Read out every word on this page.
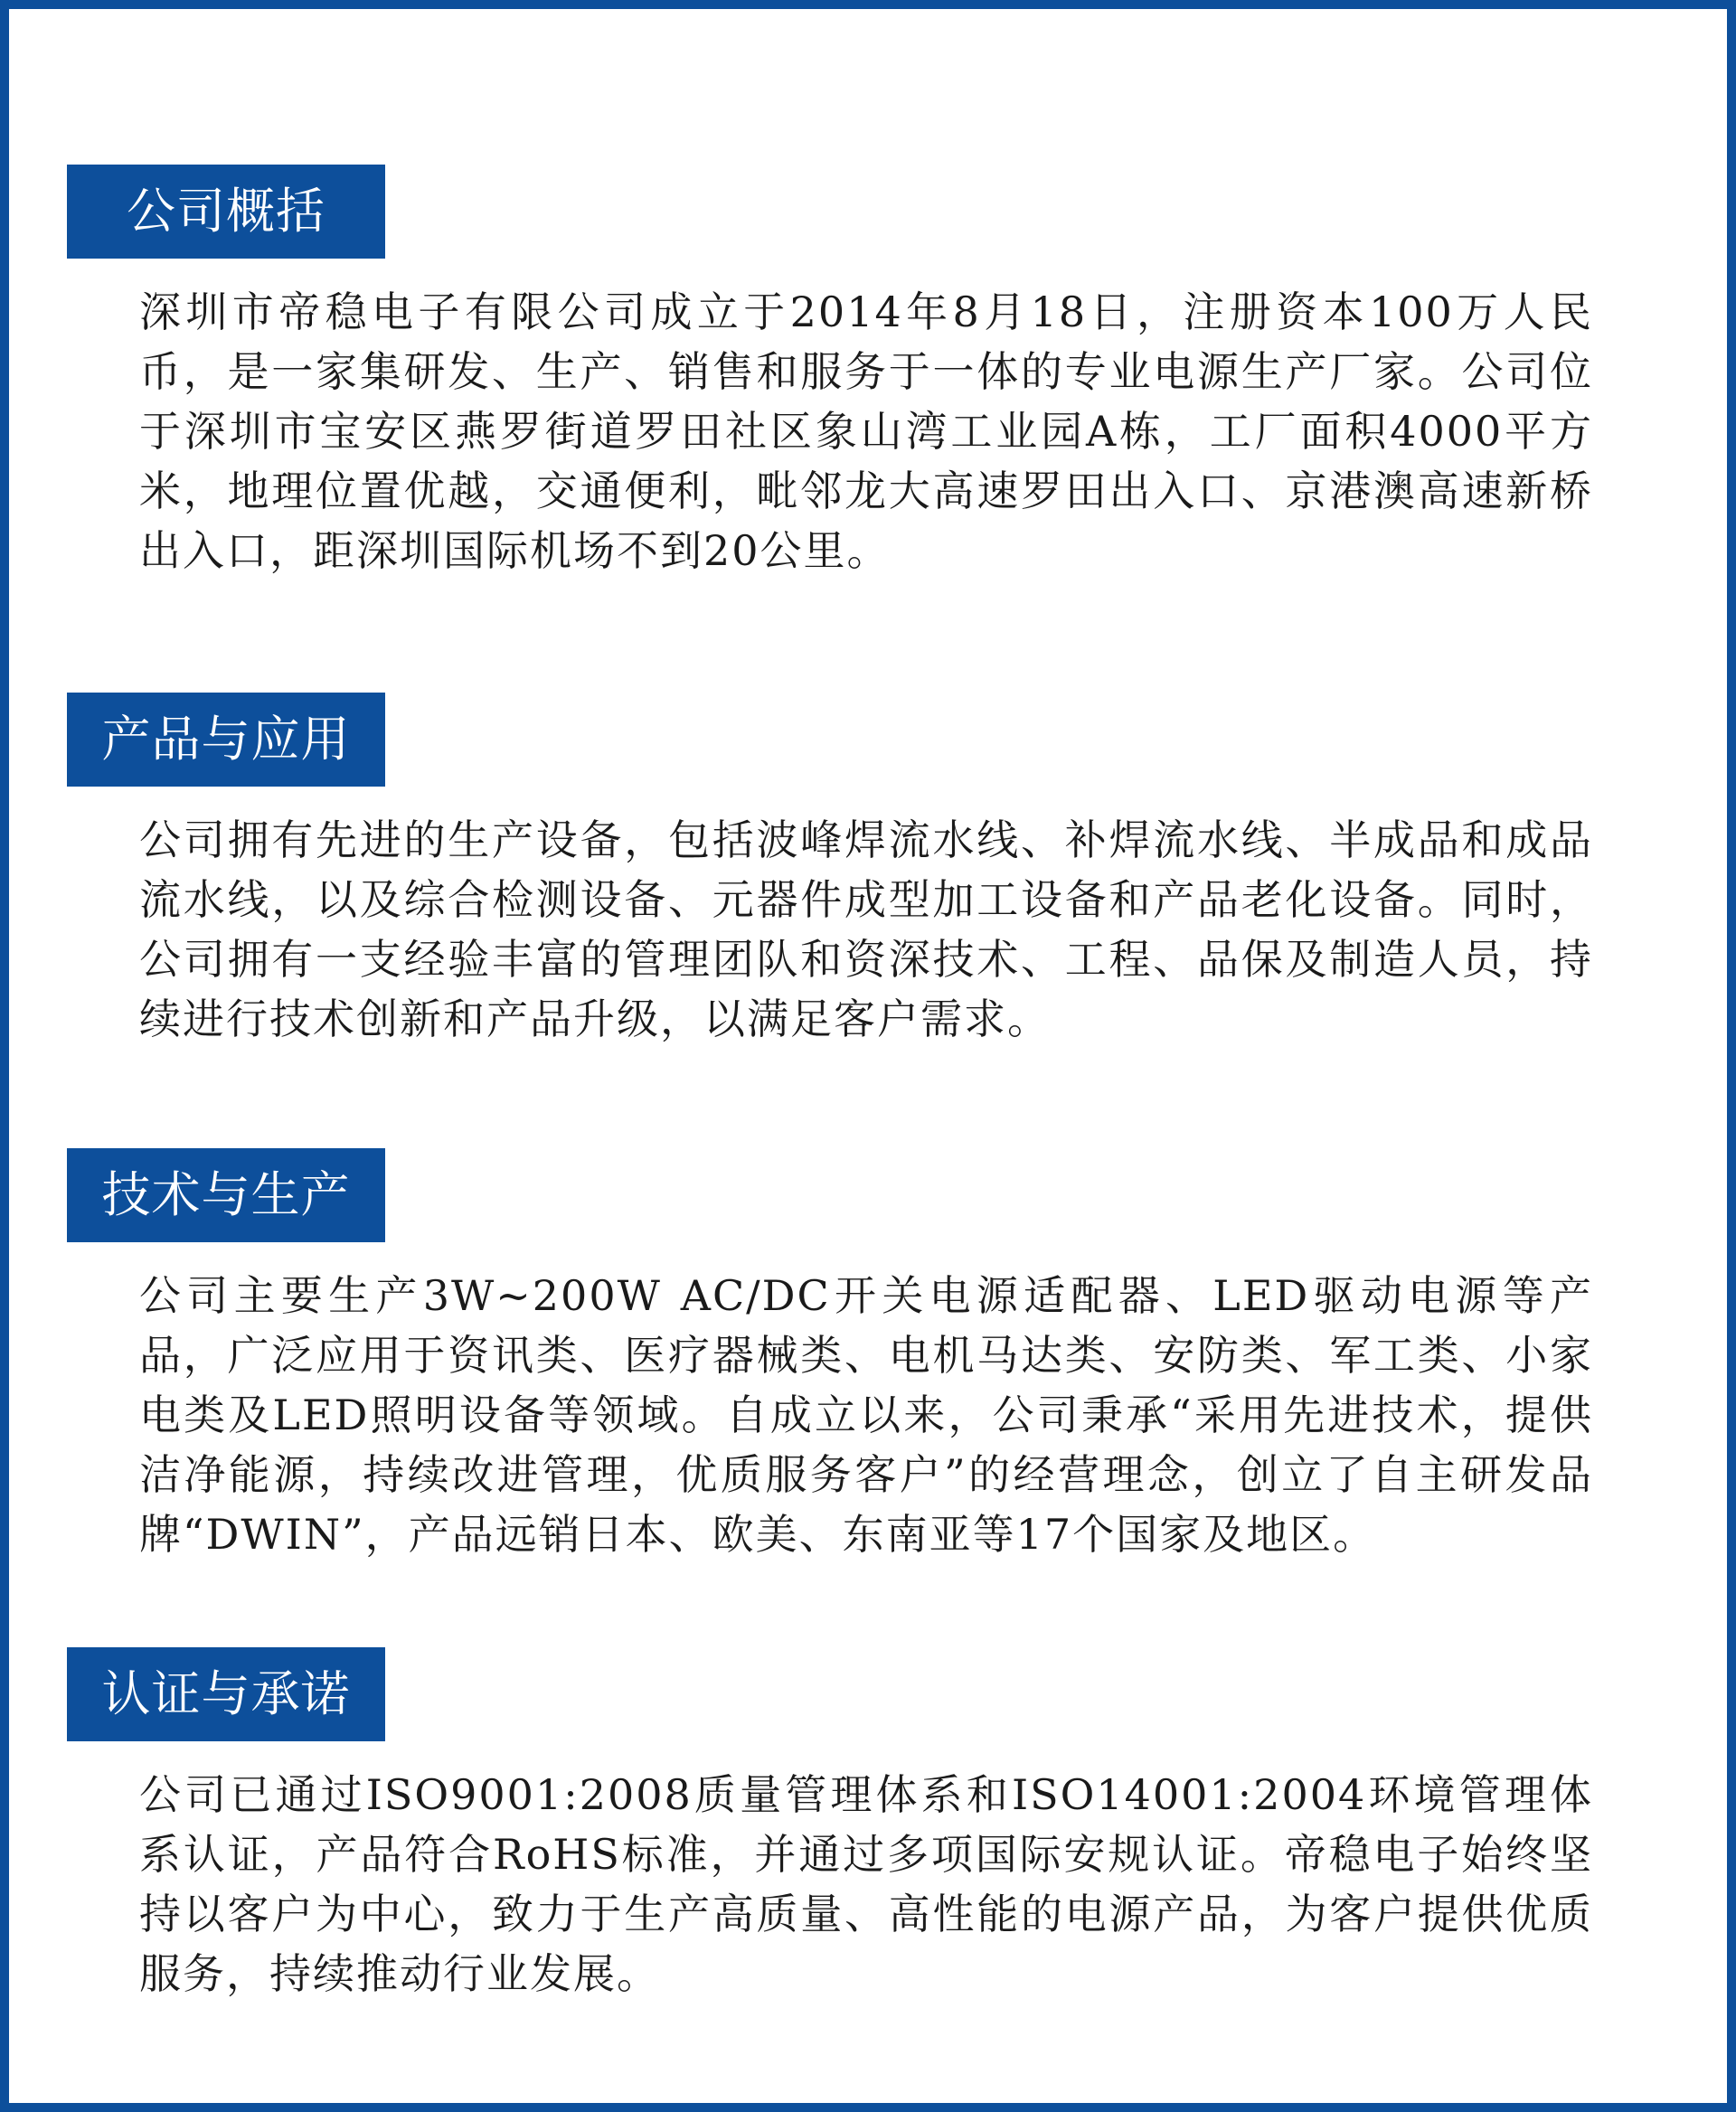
公司概括
深圳市帝稳电子有限公司成立于2014年8月18日，注册资本100万人民币，是一家集研发、生产、销售和服务于一体的专业电源生产厂家。公司位于深圳市宝安区燕罗街道罗田社区象山湾工业园A栋，工厂面积4000平方米，地理位置优越，交通便利，毗邻龙大高速罗田出入口、京港澳高速新桥出入口，距深圳国际机场不到20公里。
产品与应用
公司拥有先进的生产设备，包括波峰焊流水线、补焊流水线、半成品和成品流水线，以及综合检测设备、元器件成型加工设备和产品老化设备。同时，公司拥有一支经验丰富的管理团队和资深技术、工程、品保及制造人员，持续进行技术创新和产品升级，以满足客户需求。
技术与生产
公司主要生产3W~200W AC/DC开关电源适配器、LED驱动电源等产品，广泛应用于资讯类、医疗器械类、电机马达类、安防类、军工类、小家电类及LED照明设备等领域。自成立以来，公司秉承“采用先进技术，提供洁净能源，持续改进管理，优质服务客户”的经营理念，创立了自主研发品牌“DWIN”，产品远销日本、欧美、东南亚等17个国家及地区。
认证与承诺
公司已通过ISO9001:2008质量管理体系和ISO14001:2004环境管理体系认证，产品符合RoHS标准，并通过多项国际安规认证。帝稳电子始终坚持以客户为中心，致力于生产高质量、高性能的电源产品，为客户提供优质服务，持续推动行业发展。
